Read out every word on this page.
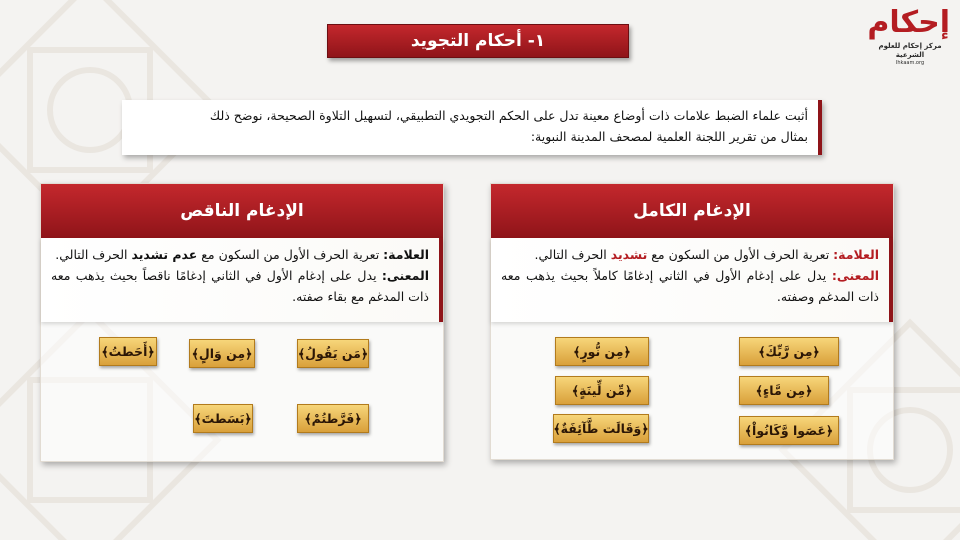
١- أحكام التجويد
إحكام
مركز إحكام للعلوم الشرعية
Ihkaam.org
أثبت علماء الضبط علامات ذات أوضاع معينة تدل على الحكم التجويدي التطبيقي، لتسهيل التلاوة الصحيحة، نوضح ذلك
بمثال من تقرير اللجنة العلمية لمصحف المدينة النبوية:
الإدغام الكامل
العلامة: تعرية الحرف الأول من السكون مع تشديد الحرف التالي.
المعنى: يدل على إدغام الأول في الثاني إدغامًا كاملاً بحيث يذهب معه ذات المدغم وصفته.
﴿مِن رَّبِّكَ﴾
﴿مِن نُّورٍ﴾
﴿مِن مَّاءٍ﴾
﴿مِّن لِّينَةٍ﴾
﴿عَصَوا وَّكَانُواْ﴾
﴿وَقَالَت طَّآئِفَةٌ﴾
الإدغام الناقص
العلامة: تعرية الحرف الأول من السكون مع عدم تشديد الحرف التالي.
المعنى: يدل على إدغام الأول في الثاني إدغامًا ناقصاً بحيث يذهب معه ذات المدغم مع بقاء صفته.
﴿مَن يَقُولُ﴾
﴿مِن وَالٍ﴾
﴿أَحَطتُ﴾
﴿فَرَّطتُمْ﴾
﴿بَسَطتَ﴾
